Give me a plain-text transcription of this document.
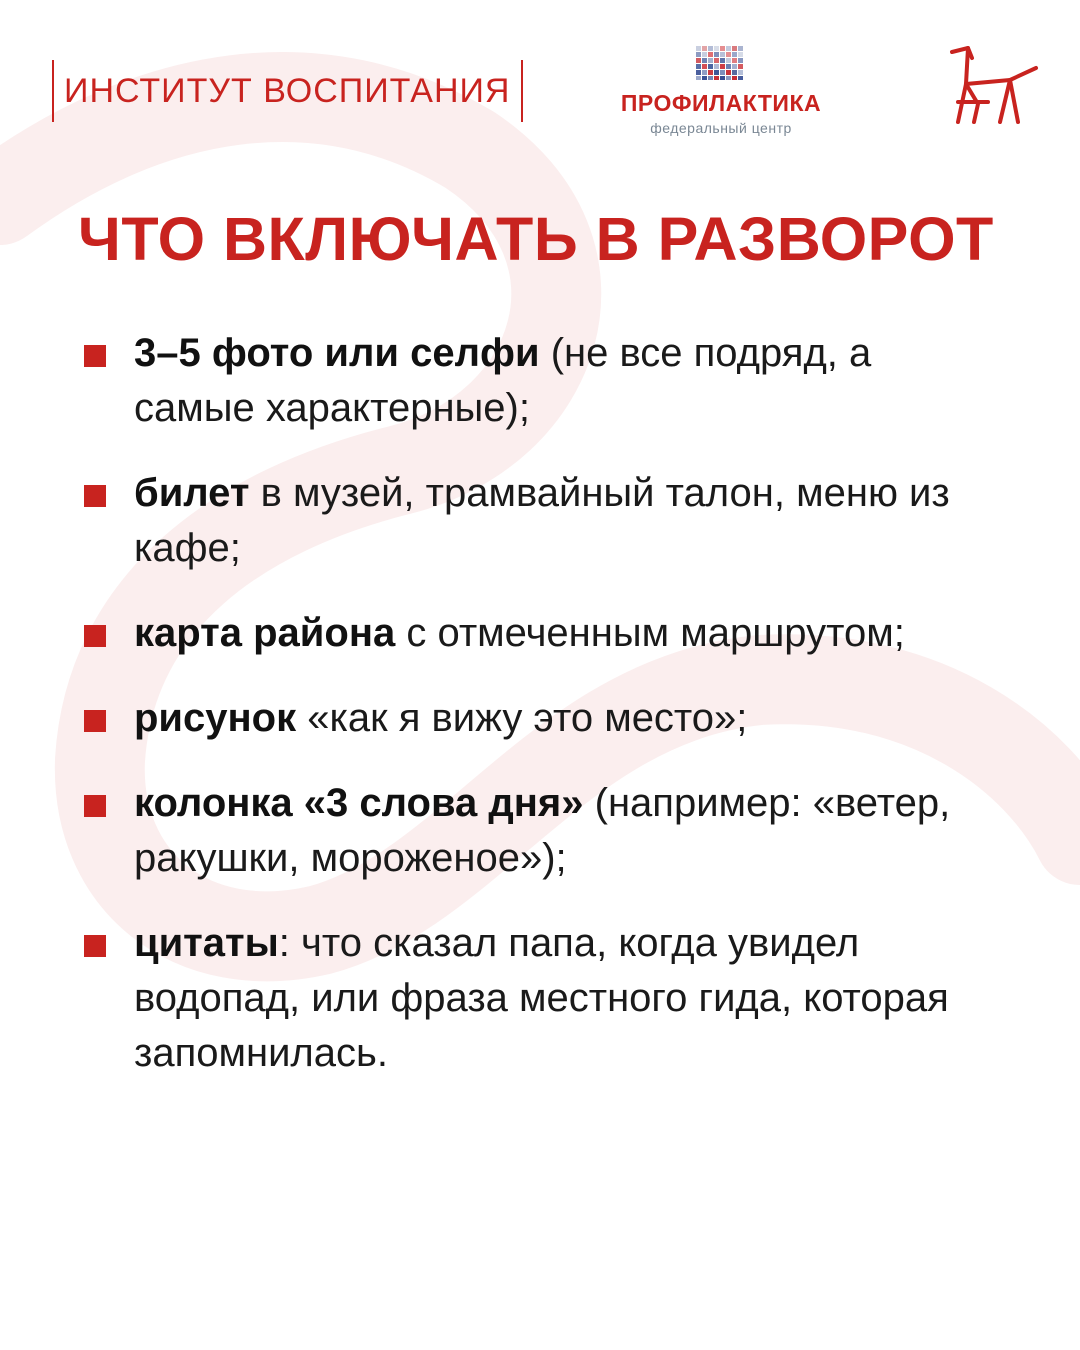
ИНСТИТУТ ВОСПИТАНИЯ	ПРОФИЛАКТИКА
федеральный центр
ЧТО ВКЛЮЧАТЬ В РАЗВОРОТ
3–5 фото или селфи (не все подряд, а самые характерные);
билет в музей, трамвайный талон, меню из кафе;
карта района с отмеченным маршрутом;
рисунок «как я вижу это место»;
колонка «3 слова дня» (например: «ветер, ракушки, мороженое»);
цитаты: что сказал папа, когда увидел водопад, или фраза местного гида, которая запомнилась.
